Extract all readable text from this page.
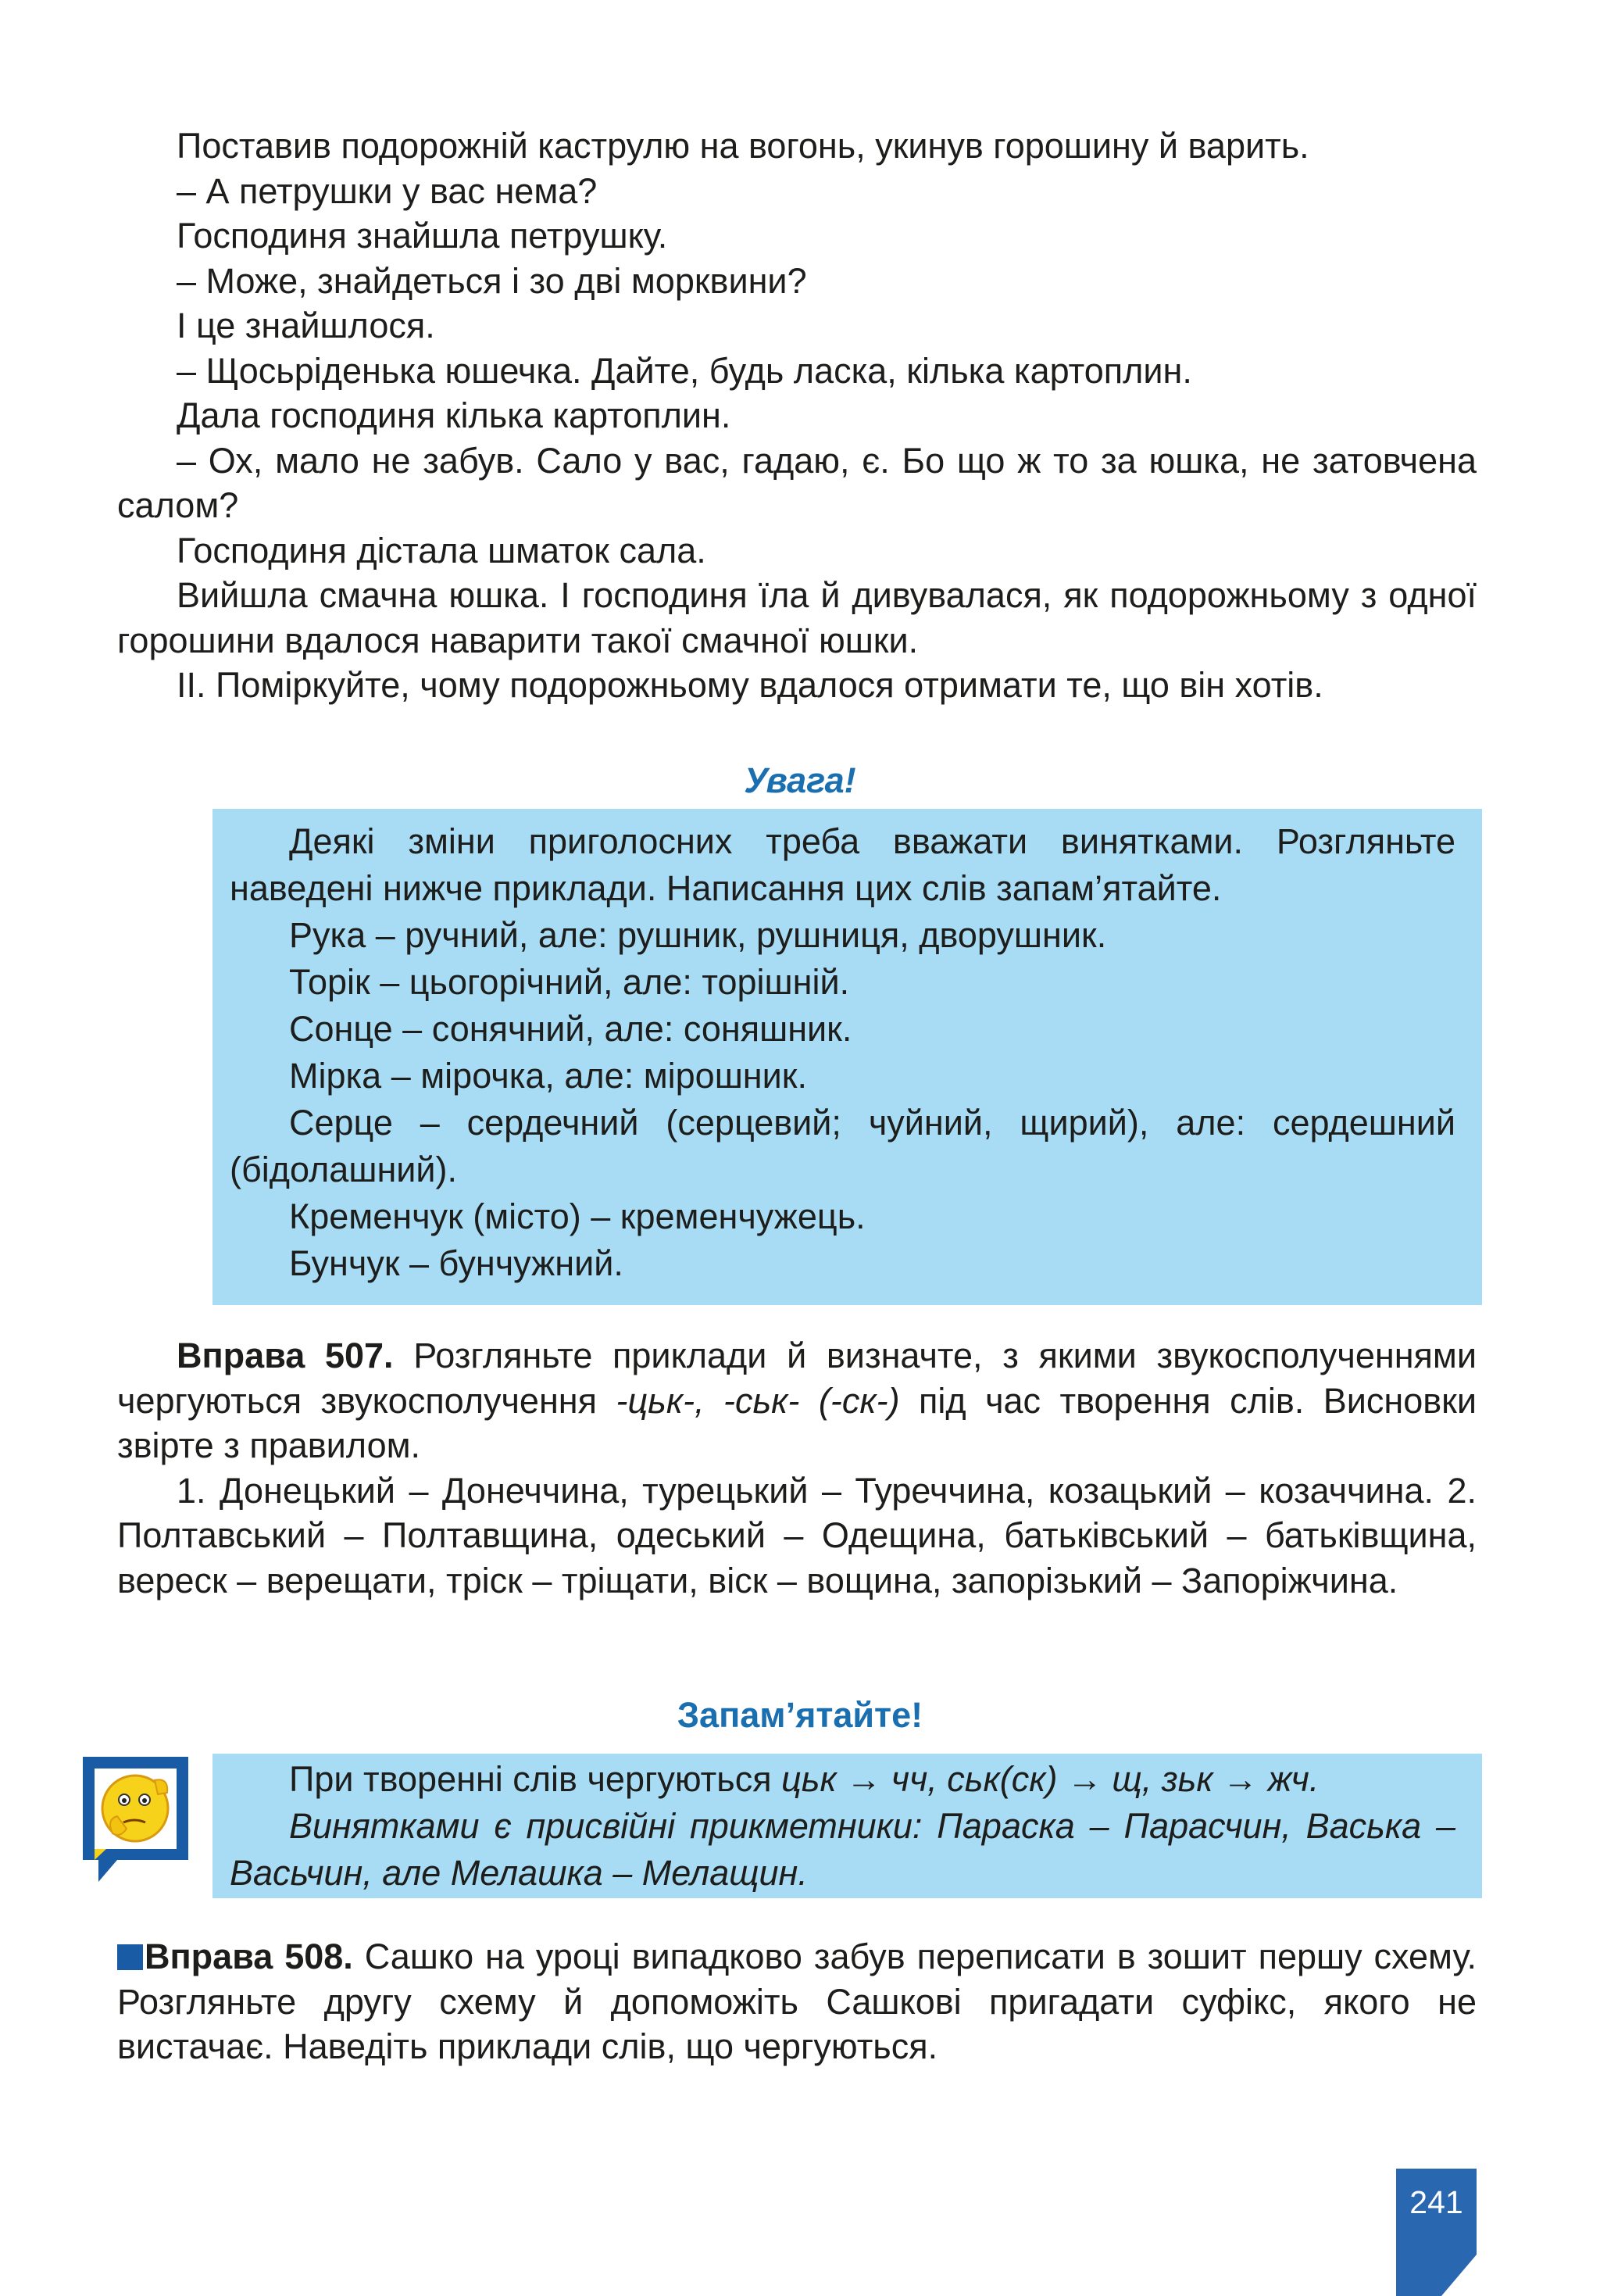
Поставив подорожній каструлю на вогонь, укинув горошину й варить.
– А петрушки у вас нема?
Господиня знайшла петрушку.
– Може, знайдеться і зо дві морквини?
І це знайшлося.
– Щосьріденька юшечка. Дайте, будь ласка, кілька картоплин.
Дала господиня кілька картоплин.
– Ох, мало не забув. Сало у вас, гадаю, є. Бо що ж то за юшка, не затовчена салом?
Господиня дістала шматок сала.
Вийшла смачна юшка. І господиня їла й дивувалася, як подорожньому з одної горошини вдалося наварити такої смачної юшки.
ІІ. Поміркуйте, чому подорожньому вдалося отримати те, що він хотів.
Увага!
Деякі зміни приголосних треба вважати винятками. Розгляньте наведені нижче приклади. Написання цих слів запам’ятайте.
Рука – ручний, але: рушник, рушниця, дворушник.
Торік – цьогорічний, але: торішній.
Сонце – сонячний, але: соняшник.
Мірка – мірочка, але: мірошник.
Серце – сердечний (серцевий; чуйний, щирий), але: сердешний (бідолашний).
Кременчук (місто) – кременчужець.
Бунчук – бунчужний.
Вправа 507. Розгляньте приклади й визначте, з якими звукосполученнями чергуються звукосполучення -цьк-, -ськ- (-ск-) під час творення слів. Висновки звірте з правилом.
1. Донецький – Донеччина, турецький – Туреччина, козацький – козаччина. 2. Полтавський – Полтавщина, одеський – Одещина, батьківський – батьківщина, вереск – верещати, тріск – тріщати, віск – вощина, запорізький – Запоріжчина.
Запам’ятайте!
При творенні слів чергуються цьк → чч, ськ(ск) → щ, зьк → жч.
Винятками є присвійні прикметники: Параска – Парасчин, Васька – Васьчин, але Мелашка – Мелащин.
Вправа 508. Сашко на уроці випадково забув переписати в зошит першу схему. Розгляньте другу схему й допоможіть Сашкові пригадати суфікс, якого не вистачає. Наведіть приклади слів, що чергуються.
241
